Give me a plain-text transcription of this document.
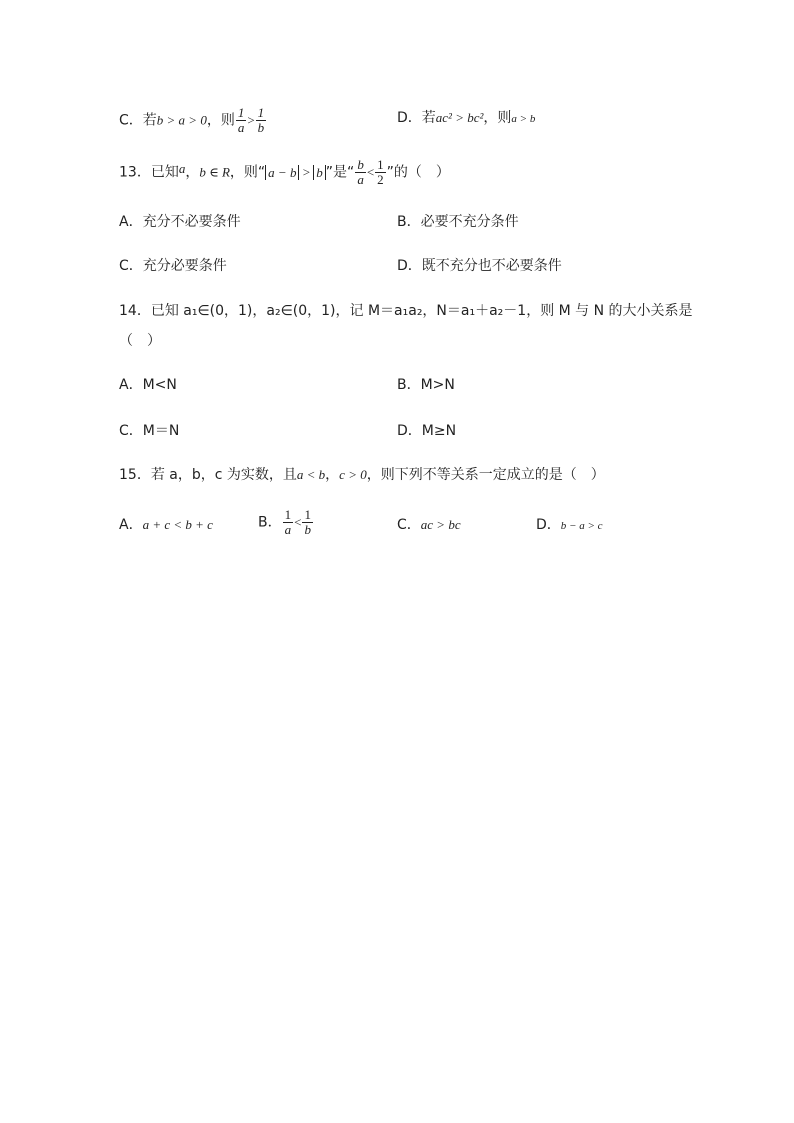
C．若b > a > 0，则 $\frac{1}{a} > \frac{1}{b}$	D．若ac² > bc²，则a > b
13．已知a，b ∈ R，则“ a − b > b ”是“ $\frac{b}{a} < \frac{1}{2}$ ”的（　）
A．充分不必要条件	B．必要不充分条件
C．充分必要条件	D．既不充分也不必要条件
14．已知 a₁∈(0，1)，a₂∈(0，1)，记 M＝a₁a₂，N＝a₁＋a₂－1，则 M 与 N 的大小关系是
（　）
A．M<N	B．M>N
C．M＝N	D．M≥N
15．若 a，b，c 为实数，且a < b，c > 0，则下列不等关系一定成立的是（　）
A．a + c < b + c	B． $\frac{1}{a} < \frac{1}{b}$	C．ac > bc	D．b − a > c
